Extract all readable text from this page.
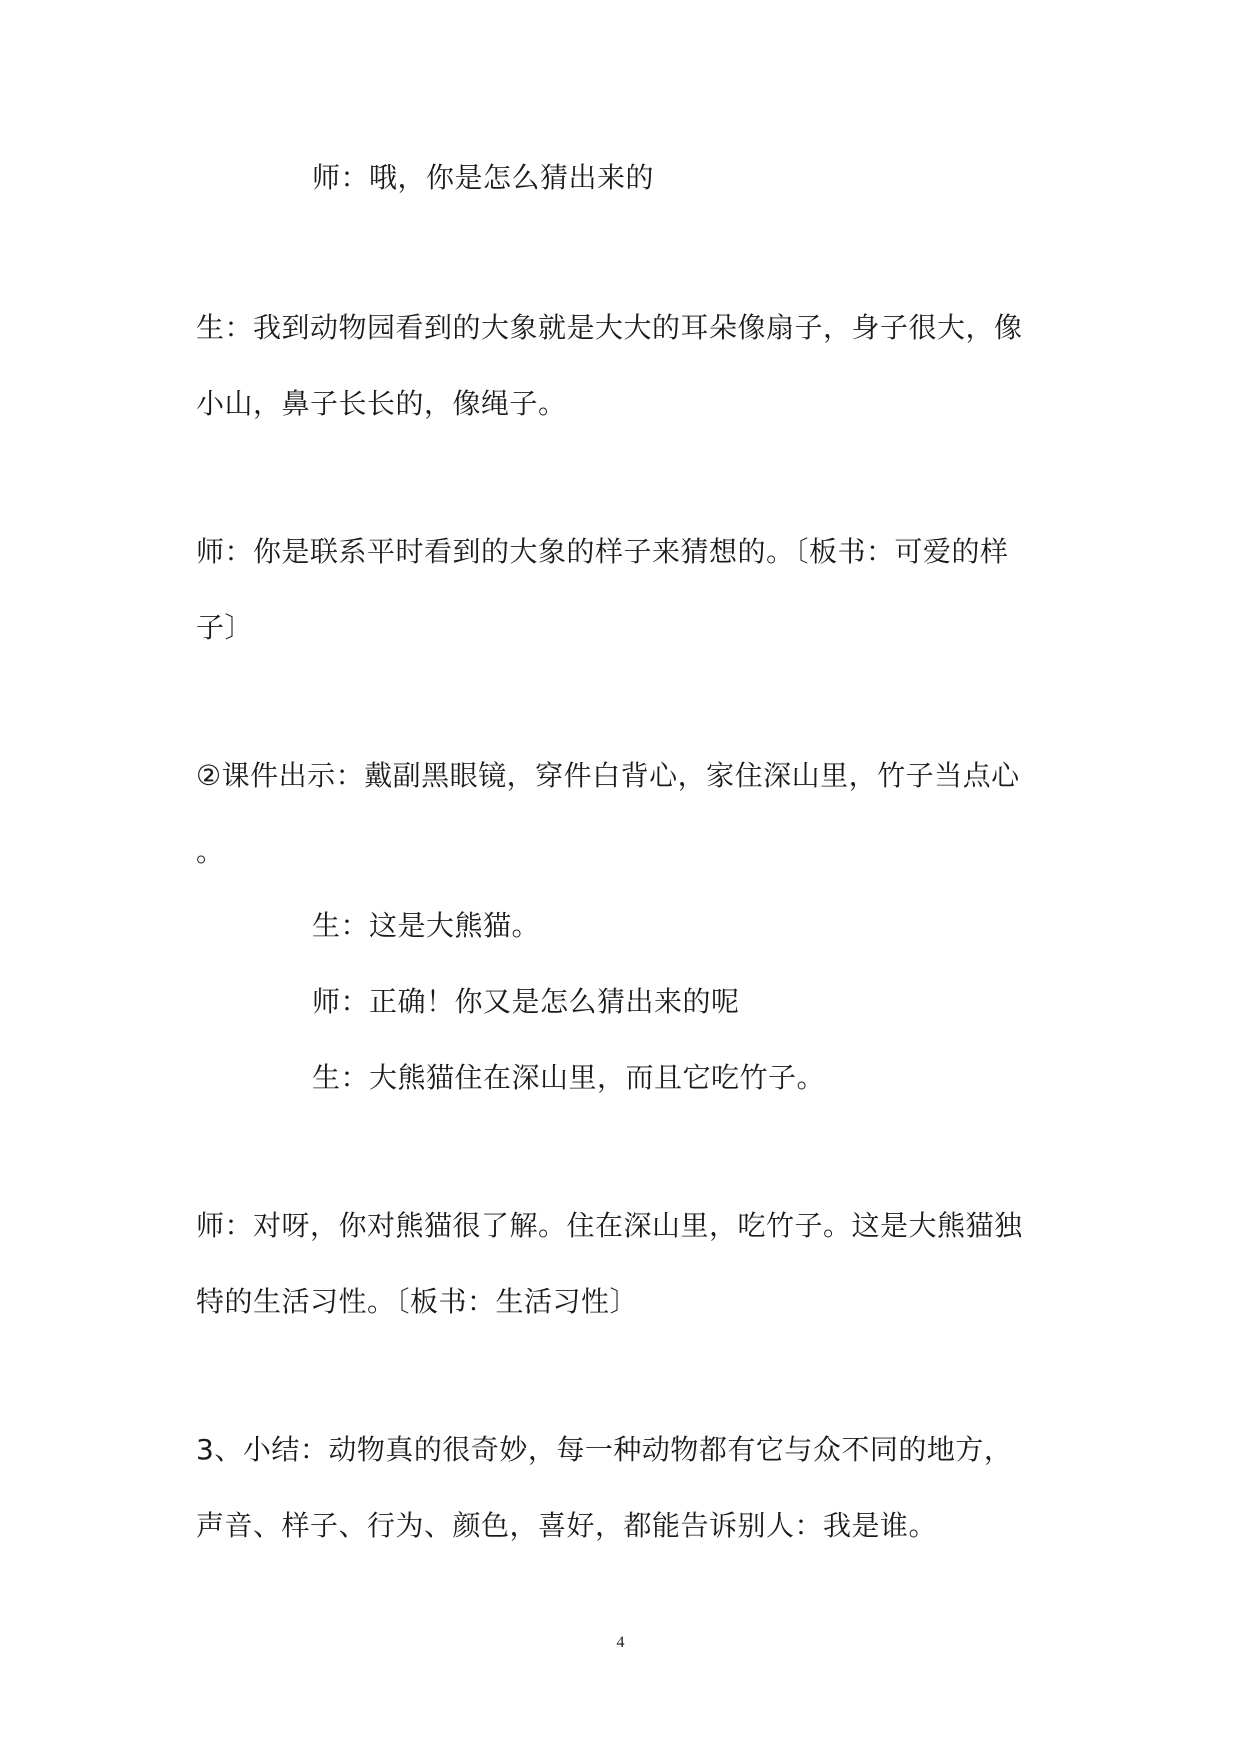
师：哦，你是怎么猜出来的
生：我到动物园看到的大象就是大大的耳朵像扇子，身子很大，像
小山，鼻子长长的，像绳子。
师：你是联系平时看到的大象的样子来猜想的。〔板书：可爱的样
子〕
②课件出示：戴副黑眼镜，穿件白背心，家住深山里，竹子当点心
。
生：这是大熊猫。
师：正确！你又是怎么猜出来的呢
生：大熊猫住在深山里，而且它吃竹子。
师：对呀，你对熊猫很了解。住在深山里，吃竹子。这是大熊猫独
特的生活习性。〔板书：生活习性〕
3、小结：动物真的很奇妙，每一种动物都有它与众不同的地方，
声音、样子、行为、颜色，喜好，都能告诉别人：我是谁。
4
